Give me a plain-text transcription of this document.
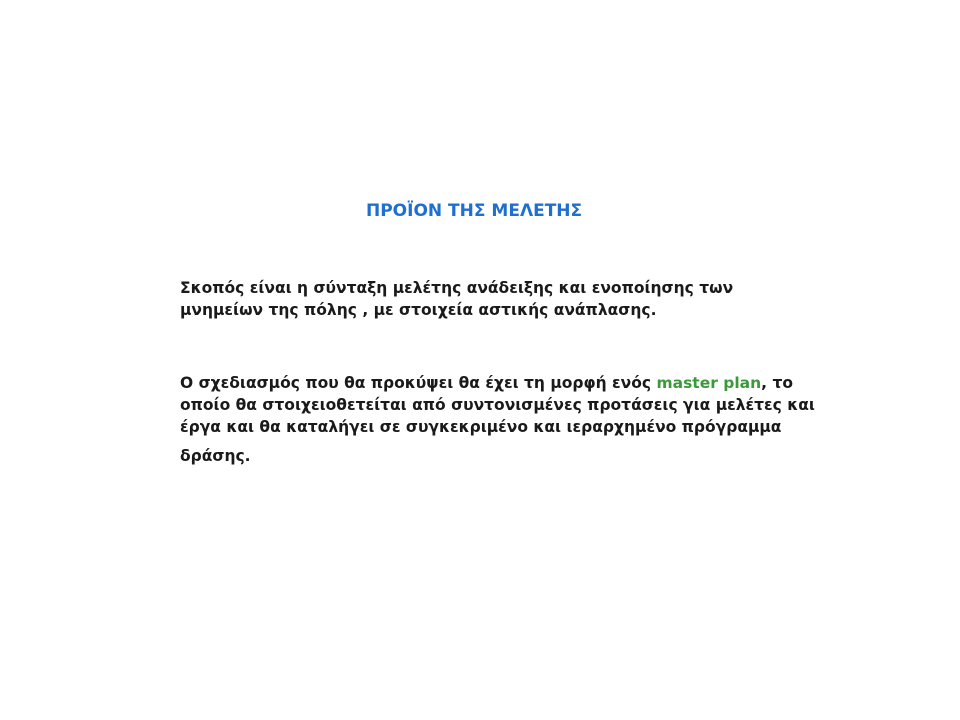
ΠΡΟΪΟΝ ΤΗΣ ΜΕΛΕΤΗΣ
Σκοπός είναι η σύνταξη μελέτης ανάδειξης και ενοποίησης των
μνημείων της πόλης , με στοιχεία αστικής ανάπλασης.
Ο σχεδιασμός που θα προκύψει θα έχει τη μορφή ενός master plan, το
οποίο θα στοιχειοθετείται από συντονισμένες προτάσεις για μελέτες και
έργα και θα καταλήγει σε συγκεκριμένο και ιεραρχημένο πρόγραμμα
δράσης.
